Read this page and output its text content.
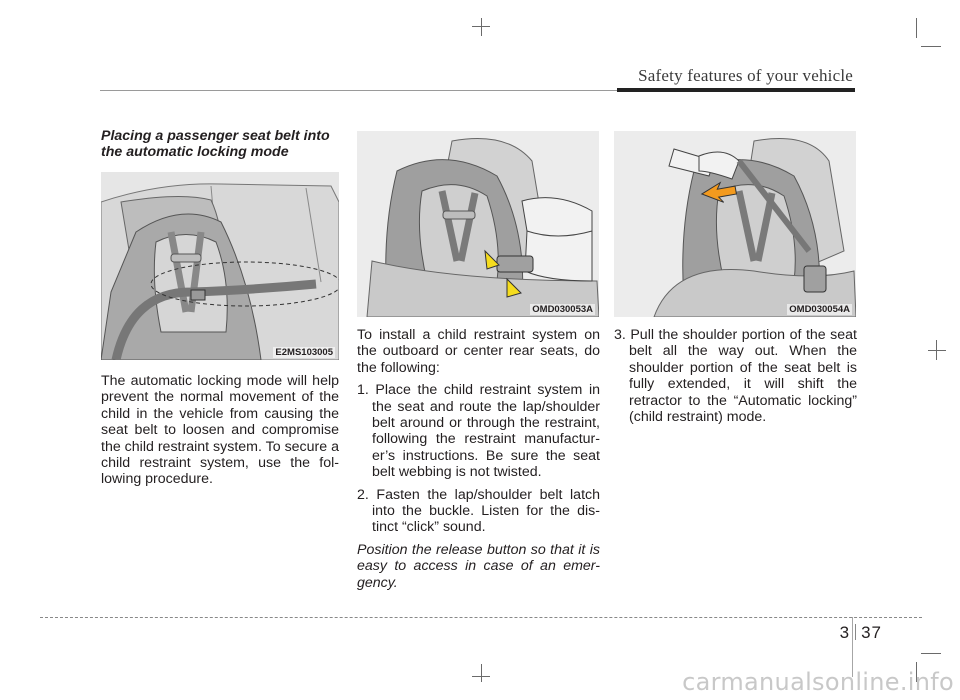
Safety features of your vehicle
E2MS103005
OMD030053A	OMD030054A
Placing a passenger seat belt into the automatic locking mode

The automatic locking mode will help prevent the normal movement of the child in the vehicle from causing the seat belt to loosen and compromise the child restraint system. To secure a child restraint system, use the fol-lowing procedure.

To install a child restraint system on the outboard or center rear seats, do the following:

1. Place the child restraint system in the seat and route the lap/shoulder belt around or through the restraint, following the restraint manufactur-er’s instructions. Be sure the seat belt webbing is not twisted.
2. Fasten the lap/shoulder belt latch into the buckle. Listen for the dis-tinct “click” sound.

Position the release button so that it is easy to access in case of an emer-gency.

3. Pull the shoulder portion of the seat belt all the way out. When the shoulder portion of the seat belt is fully extended, it will shift the retractor to the “Automatic locking” (child restraint) mode.
3 37
carmanualsonline.info
